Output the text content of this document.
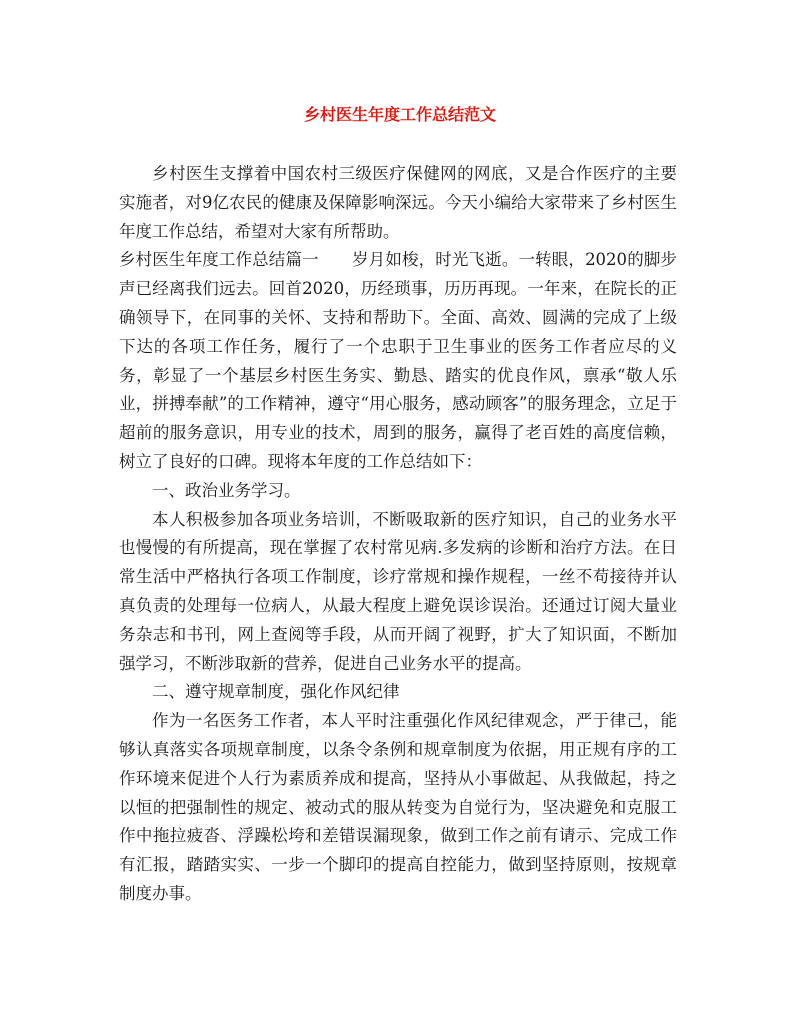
乡村医生年度工作总结范文

乡村医生支撑着中国农村三级医疗保健网的网底，又是合作医疗的主要实施者，对9亿农民的健康及保障影响深远。今天小编给大家带来了乡村医生年度工作总结，希望对大家有所帮助。

乡村医生年度工作总结篇一　　岁月如梭，时光飞逝。一转眼，2020的脚步声已经离我们远去。回首2020，历经琐事，历历再现。一年来，在院长的正确领导下，在同事的关怀、支持和帮助下。全面、高效、圆满的完成了上级下达的各项工作任务，履行了一个忠职于卫生事业的医务工作者应尽的义务，彰显了一个基层乡村医生务实、勤恳、踏实的优良作风，禀承“敬人乐业，拼搏奉献”的工作精神，遵守“用心服务，感动顾客”的服务理念，立足于超前的服务意识，用专业的技术，周到的服务，赢得了老百姓的高度信赖，树立了良好的口碑。现将本年度的工作总结如下：

一、政治业务学习。

本人积极参加各项业务培训，不断吸取新的医疗知识，自己的业务水平也慢慢的有所提高，现在掌握了农村常见病.多发病的诊断和治疗方法。在日常生活中严格执行各项工作制度，诊疗常规和操作规程，一丝不苟接待并认真负责的处理每一位病人，从最大程度上避免误诊误治。还通过订阅大量业务杂志和书刊，网上查阅等手段，从而开阔了视野，扩大了知识面，不断加强学习，不断涉取新的营养，促进自己业务水平的提高。

二、遵守规章制度，强化作风纪律

作为一名医务工作者，本人平时注重强化作风纪律观念，严于律己，能够认真落实各项规章制度，以条令条例和规章制度为依据，用正规有序的工作环境来促进个人行为素质养成和提高，坚持从小事做起、从我做起，持之以恒的把强制性的规定、被动式的服从转变为自觉行为，坚决避免和克服工作中拖拉疲沓、浮躁松垮和差错误漏现象，做到工作之前有请示、完成工作有汇报，踏踏实实、一步一个脚印的提高自控能力，做到坚持原则，按规章制度办事。
